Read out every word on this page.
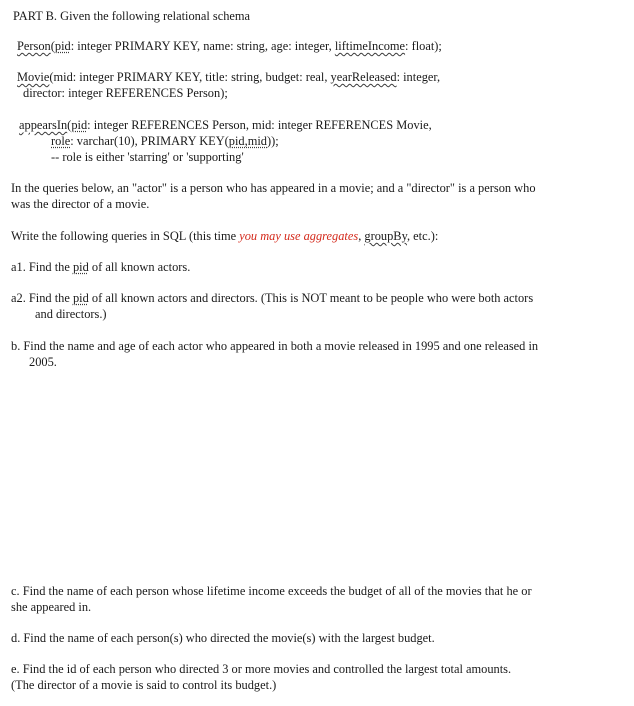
PART B. Given the following relational schema
Person(pid: integer PRIMARY KEY, name: string, age: integer, liftimeIncome: float);
Movie(mid: integer PRIMARY KEY, title: string, budget: real, yearReleased: integer,
director: integer REFERENCES Person);
appearsIn(pid: integer REFERENCES Person, mid: integer REFERENCES Movie,
role: varchar(10), PRIMARY KEY(pid,mid));
-- role is either 'starring' or 'supporting'
In the queries below, an "actor" is a person who has appeared in a movie; and a "director" is a person who
was the director of a movie.
Write the following queries in SQL (this time you may use aggregates, groupBy, etc.):
a1. Find the pid of all known actors.
a2. Find the pid of all known actors and directors. (This is NOT meant to be people who were both actors
and directors.)
b. Find the name and age of each actor who appeared in both a movie released in 1995 and one released in
2005.
c. Find the name of each person whose lifetime income exceeds the budget of all of the movies that he or
she appeared in.
d. Find the name of each person(s) who directed the movie(s) with the largest budget.
e. Find the id of each person who directed 3 or more movies and controlled the largest total amounts.
(The director of a movie is said to control its budget.)
